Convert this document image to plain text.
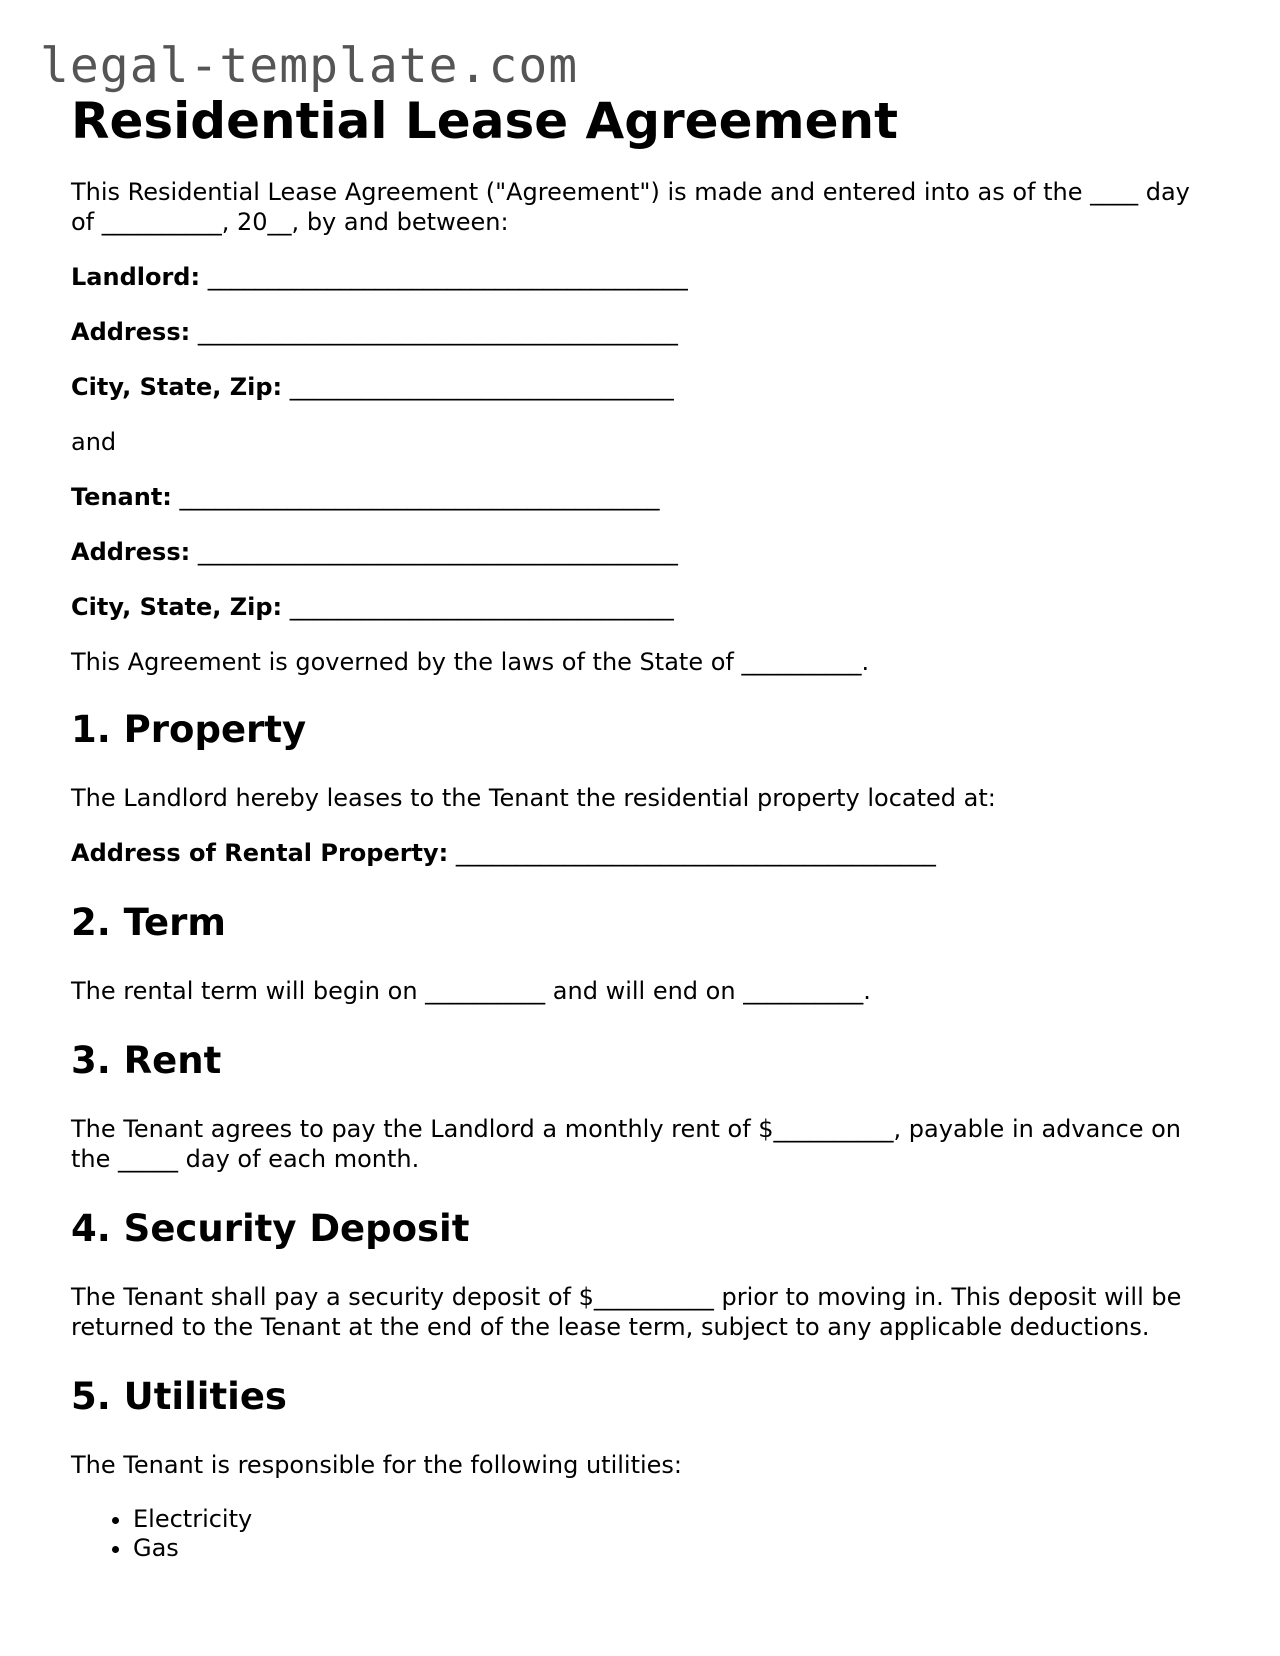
legal-template.com
Residential Lease Agreement

This Residential Lease Agreement ("Agreement") is made and entered into as of the ____ day of __________, 20__, by and between:

Landlord: ________________________________________

Address: ________________________________________

City, State, Zip: ________________________________

and

Tenant: ________________________________________

Address: ________________________________________

City, State, Zip: ________________________________

This Agreement is governed by the laws of the State of __________.

1. Property

The Landlord hereby leases to the Tenant the residential property located at:

Address of Rental Property: ________________________________________

2. Term

The rental term will begin on __________ and will end on __________.

3. Rent

The Tenant agrees to pay the Landlord a monthly rent of $__________, payable in advance on the _____ day of each month.

4. Security Deposit

The Tenant shall pay a security deposit of $__________ prior to moving in. This deposit will be returned to the Tenant at the end of the lease term, subject to any applicable deductions.

5. Utilities

The Tenant is responsible for the following utilities:

• Electricity
• Gas
